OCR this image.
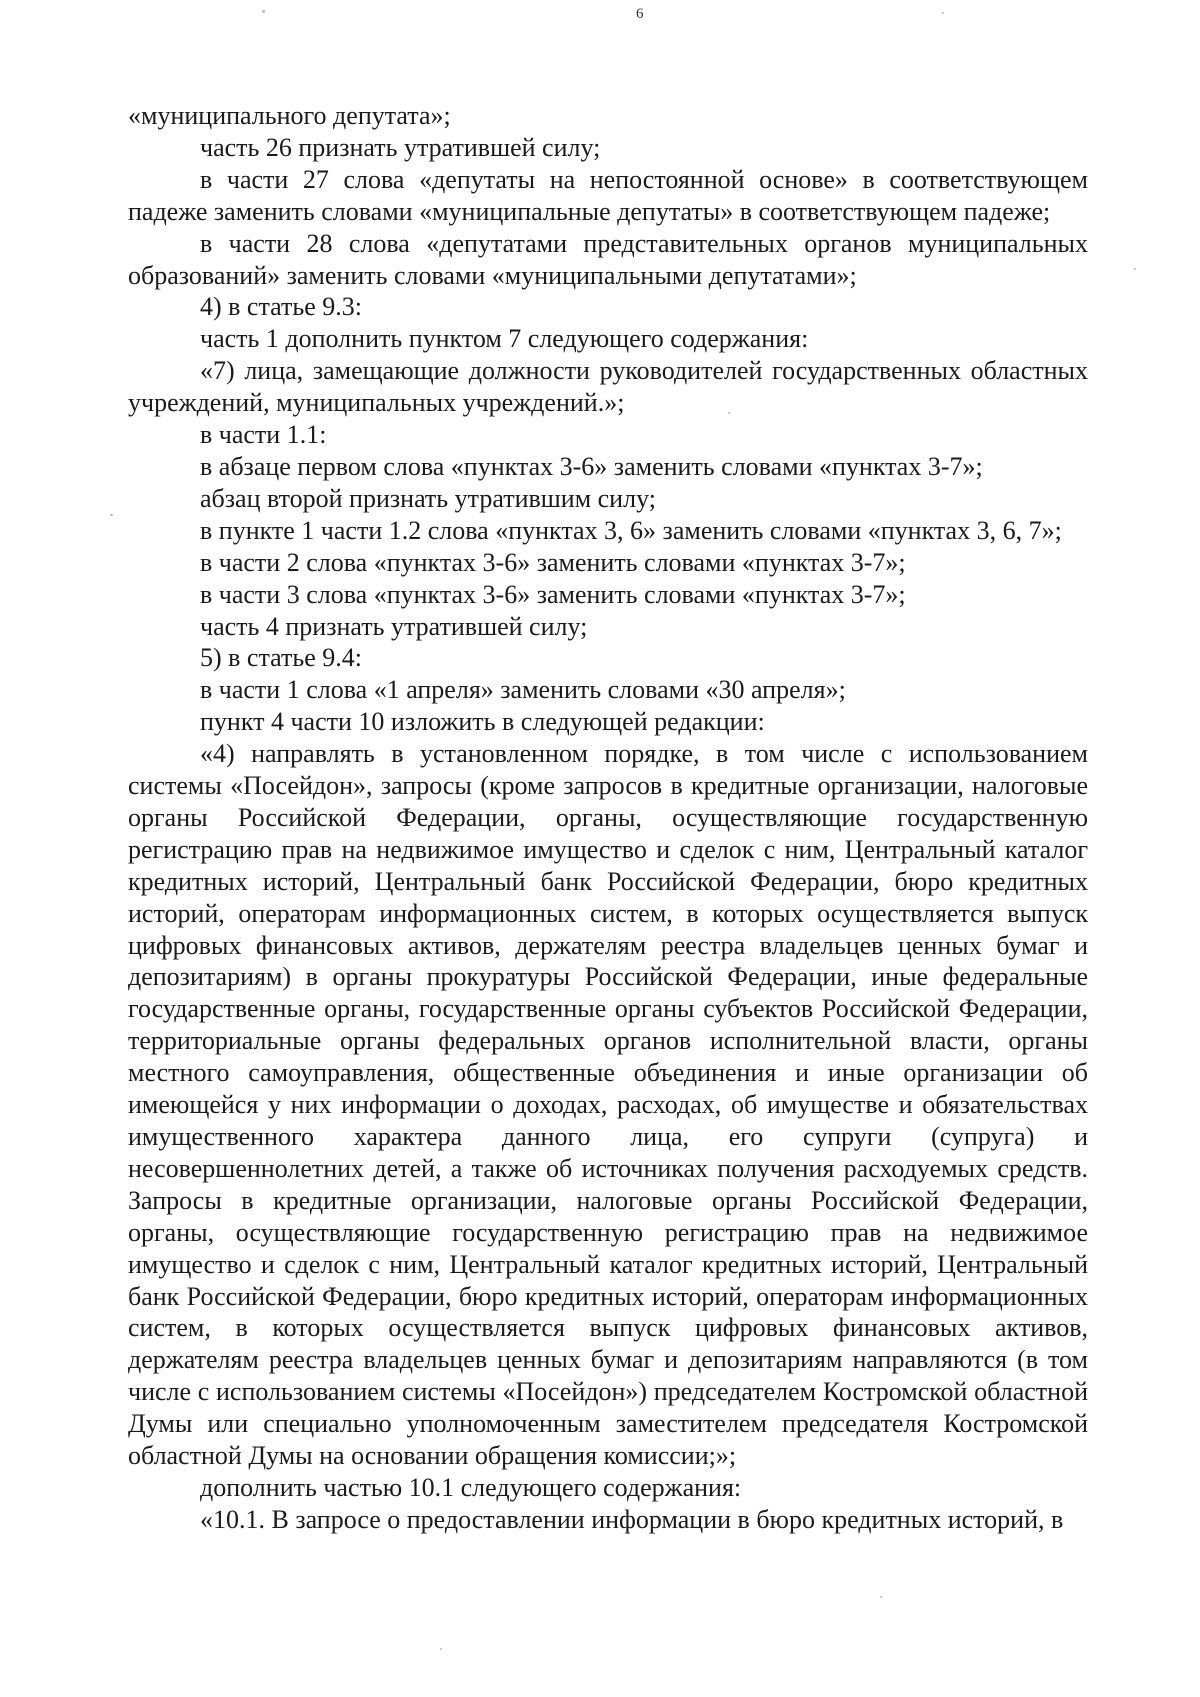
6

«муниципального депутата»;

часть 26 признать утратившей силу;

в части 27 слова «депутаты на непостоянной основе» в соответствующем падеже заменить словами «муниципальные депутаты» в соответствующем падеже;

в части 28 слова «депутатами представительных органов муниципальных образований» заменить словами «муниципальными депутатами»;

4) в статье 9.3:

часть 1 дополнить пунктом 7 следующего содержания:

«7) лица, замещающие должности руководителей государственных областных учреждений, муниципальных учреждений.»;

в части 1.1:

в абзаце первом слова «пунктах 3-6» заменить словами «пунктах 3-7»;

абзац второй признать утратившим силу;

в пункте 1 части 1.2 слова «пунктах 3, 6» заменить словами «пунктах 3, 6, 7»;

в части 2 слова «пунктах 3-6» заменить словами «пунктах 3-7»;

в части 3 слова «пунктах 3-6» заменить словами «пунктах 3-7»;

часть 4 признать утратившей силу;

5) в статье 9.4:

в части 1 слова «1 апреля» заменить словами «30 апреля»;

пункт 4 части 10 изложить в следующей редакции:

«4) направлять в установленном порядке, в том числе с использованием системы «Посейдон», запросы (кроме запросов в кредитные организации, налоговые органы Российской Федерации, органы, осуществляющие государственную регистрацию прав на недвижимое имущество и сделок с ним, Центральный каталог кредитных историй, Центральный банк Российской Федерации, бюро кредитных историй, операторам информационных систем, в которых осуществляется выпуск цифровых финансовых активов, держателям реестра владельцев ценных бумаг и депозитариям) в органы прокуратуры Российской Федерации, иные федеральные государственные органы, государственные органы субъектов Российской Федерации, территориальные органы федеральных органов исполнительной власти, органы местного самоуправления, общественные объединения и иные организации об имеющейся у них информации о доходах, расходах, об имуществе и обязательствах имущественного характера данного лица, его супруги (супруга) и несовершеннолетних детей, а также об источниках получения расходуемых средств. Запросы в кредитные организации, налоговые органы Российской Федерации, органы, осуществляющие государственную регистрацию прав на недвижимое имущество и сделок с ним, Центральный каталог кредитных историй, Центральный банк Российской Федерации, бюро кредитных историй, операторам информационных систем, в которых осуществляется выпуск цифровых финансовых активов, держателям реестра владельцев ценных бумаг и депозитариям направляются (в том числе с использованием системы «Посейдон») председателем Костромской областной Думы или специально уполномоченным заместителем председателя Костромской областной Думы на основании обращения комиссии;»;

дополнить частью 10.1 следующего содержания:

«10.1. В запросе о предоставлении информации в бюро кредитных историй, в
